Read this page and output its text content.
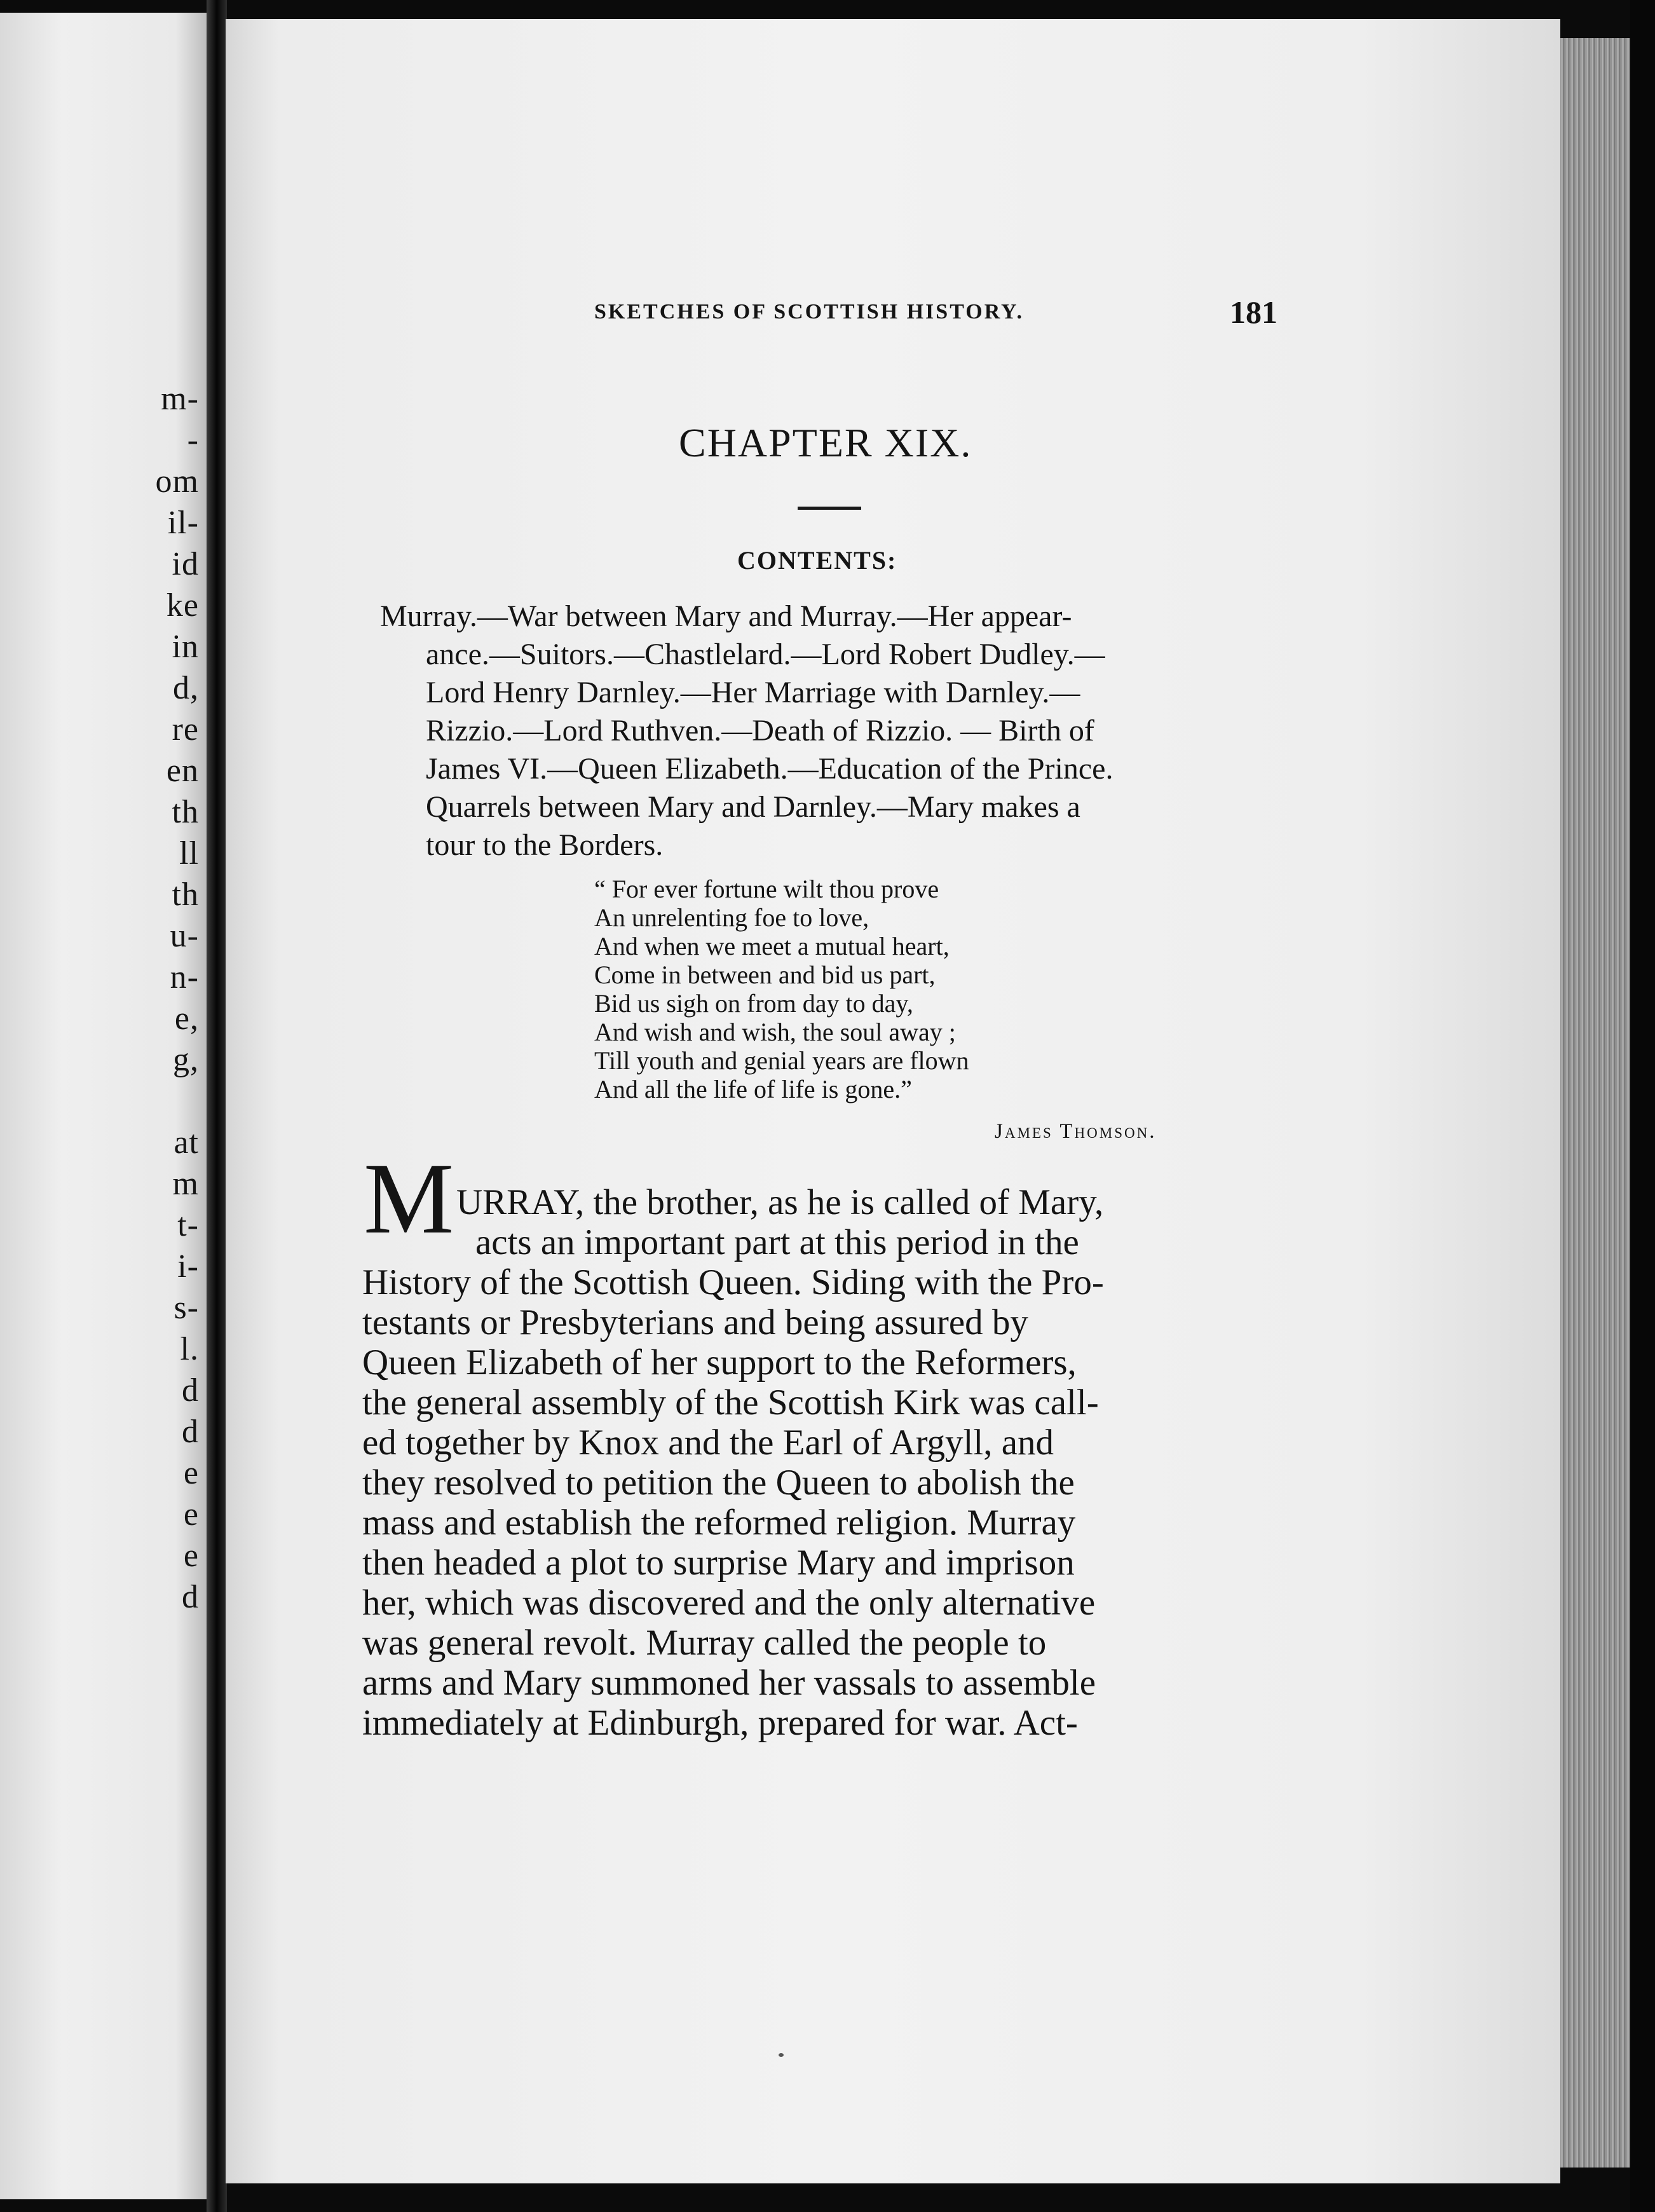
m-
-
om
il-
id
ke
in
d,
re
en
th
ll
th
u-
n-
e,
g,
at
m
t-
i-
s-
l.
d
d
e
e
e
d
SKETCHES OF SCOTTISH HISTORY.	181
CHAPTER XIX.
CONTENTS:
Murray.—War between Mary and Murray.—Her appear-
ance.—Suitors.—Chastlelard.—Lord Robert Dudley.—
Lord Henry Darnley.—Her Marriage with Darnley.—
Rizzio.—Lord Ruthven.—Death of Rizzio. — Birth of
James VI.—Queen Elizabeth.—Education of the Prince.
Quarrels between Mary and Darnley.—Mary makes a
tour to the Borders.
“ For ever fortune wilt thou prove
An unrelenting foe to love,
And when we meet a mutual heart,
Come in between and bid us part,
Bid us sigh on from day to day,
And wish and wish, the soul away ;
Till youth and genial years are flown
And all the life of life is gone.”
James Thomson.
M URRAY, the brother, as he is called of Mary,
acts an important part at this period in the
History of the Scottish Queen. Siding with the Pro-
testants or Presbyterians and being assured by
Queen Elizabeth of her support to the Reformers,
the general assembly of the Scottish Kirk was call-
ed together by Knox and the Earl of Argyll, and
they resolved to petition the Queen to abolish the
mass and establish the reformed religion. Murray
then headed a plot to surprise Mary and imprison
her, which was discovered and the only alternative
was general revolt. Murray called the people to
arms and Mary summoned her vassals to assemble
immediately at Edinburgh, prepared for war. Act-
